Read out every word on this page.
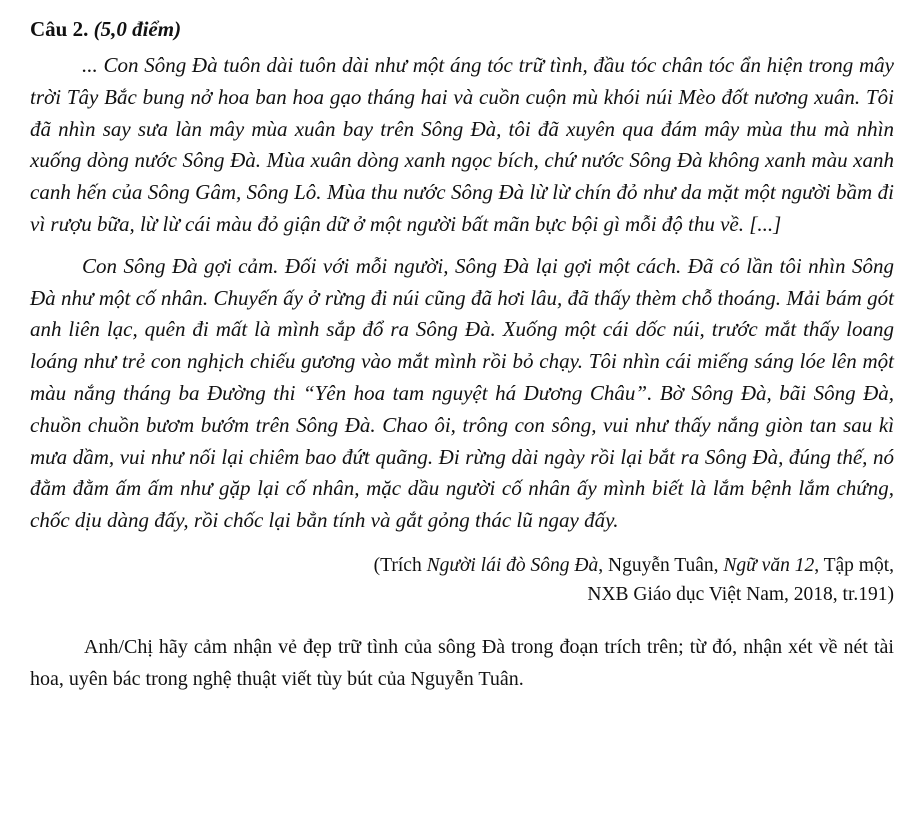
Câu 2. (5,0 điểm)

... Con Sông Đà tuôn dài tuôn dài như một áng tóc trữ tình, đầu tóc chân tóc ẩn hiện trong mây trời Tây Bắc bung nở hoa ban hoa gạo tháng hai và cuồn cuộn mù khói núi Mèo đốt nương xuân. Tôi đã nhìn say sưa làn mây mùa xuân bay trên Sông Đà, tôi đã xuyên qua đám mây mùa thu mà nhìn xuống dòng nước Sông Đà. Mùa xuân dòng xanh ngọc bích, chứ nước Sông Đà không xanh màu xanh canh hến của Sông Gâm, Sông Lô. Mùa thu nước Sông Đà lừ lừ chín đỏ như da mặt một người bầm đi vì rượu bữa, lừ lừ cái màu đỏ giận dữ ở một người bất mãn bực bội gì mỗi độ thu về. [...]

Con Sông Đà gợi cảm. Đối với mỗi người, Sông Đà lại gợi một cách. Đã có lần tôi nhìn Sông Đà như một cố nhân. Chuyến ấy ở rừng đi núi cũng đã hơi lâu, đã thấy thèm chỗ thoáng. Mải bám gót anh liên lạc, quên đi mất là mình sắp đổ ra Sông Đà. Xuống một cái dốc núi, trước mắt thấy loang loáng như trẻ con nghịch chiếu gương vào mắt mình rồi bỏ chạy. Tôi nhìn cái miếng sáng lóe lên một màu nắng tháng ba Đường thi “Yên hoa tam nguyệt há Dương Châu”. Bờ Sông Đà, bãi Sông Đà, chuồn chuồn bươm bướm trên Sông Đà. Chao ôi, trông con sông, vui như thấy nắng giòn tan sau kì mưa dầm, vui như nối lại chiêm bao đứt quãng. Đi rừng dài ngày rồi lại bắt ra Sông Đà, đúng thế, nó đằm đằm ấm ấm như gặp lại cố nhân, mặc dầu người cố nhân ấy mình biết là lắm bệnh lắm chứng, chốc dịu dàng đấy, rồi chốc lại bẳn tính và gắt gỏng thác lũ ngay đấy.

(Trích Người lái đò Sông Đà, Nguyễn Tuân, Ngữ văn 12, Tập một,
NXB Giáo dục Việt Nam, 2018, tr.191)

Anh/Chị hãy cảm nhận vẻ đẹp trữ tình của sông Đà trong đoạn trích trên; từ đó, nhận xét về nét tài hoa, uyên bác trong nghệ thuật viết tùy bút của Nguyễn Tuân.
